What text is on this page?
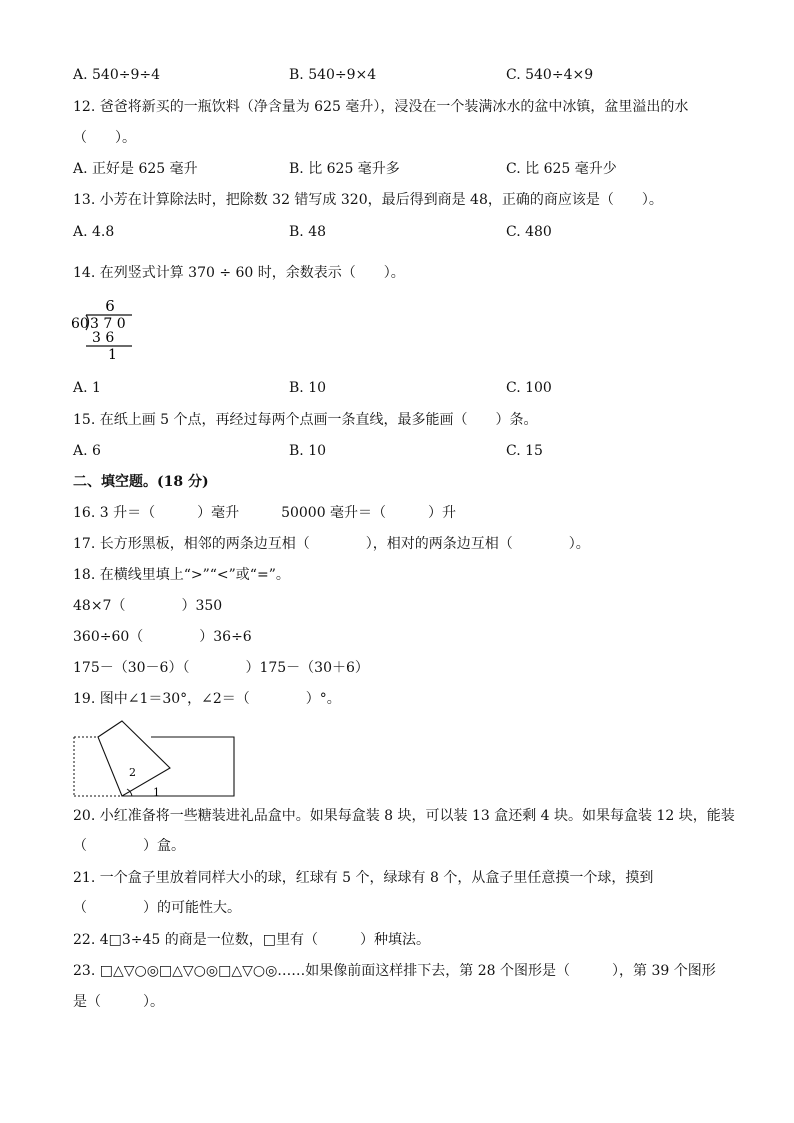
A. 540÷9÷4	B. 540÷9×4	C. 540÷4×9
12. 爸爸将新买的一瓶饮料（净含量为 625 毫升），浸没在一个装满冰水的盆中冰镇，盆里溢出的水
（　　）。
A. 正好是 625 毫升	B. 比 625 毫升多	C. 比 625 毫升少
13. 小芳在计算除法时，把除数 32 错写成 320，最后得到商是 48，正确的商应该是（　　）。
A. 4.8	B. 48	C. 480
14. 在列竖式计算 370 ÷ 60 时，余数表示（　　）。
6
60 3 7 0
3 6
1
A. 1	B. 10	C. 100
15. 在纸上画 5 个点，再经过每两个点画一条直线，最多能画（　　）条。
A. 6	B. 10	C. 15
二、填空题。(18 分)
16. 3 升＝（　　　）毫升　　　50000 毫升＝（　　　）升
17. 长方形黑板，相邻的两条边互相（　　　　），相对的两条边互相（　　　　）。
18. 在横线里填上“>”“<”或“=”。
48×7（　　　　）350
360÷60（　　　　）36÷6
175－（30－6）（　　　　）175－（30＋6）
19. 图中∠1＝30°，∠2＝（　　　　）°。
2
1
20. 小红准备将一些糖装进礼品盒中。如果每盒装 8 块，可以装 13 盒还剩 4 块。如果每盒装 12 块，能装
（　　　　）盒。
21. 一个盒子里放着同样大小的球，红球有 5 个，绿球有 8 个，从盒子里任意摸一个球，摸到
（　　　　）的可能性大。
22. 4□3÷45 的商是一位数，□里有（　　　）种填法。
23. □△▽○◎□△▽○◎□△▽○◎……如果像前面这样排下去，第 28 个图形是（　　　），第 39 个图形
是（　　　）。
